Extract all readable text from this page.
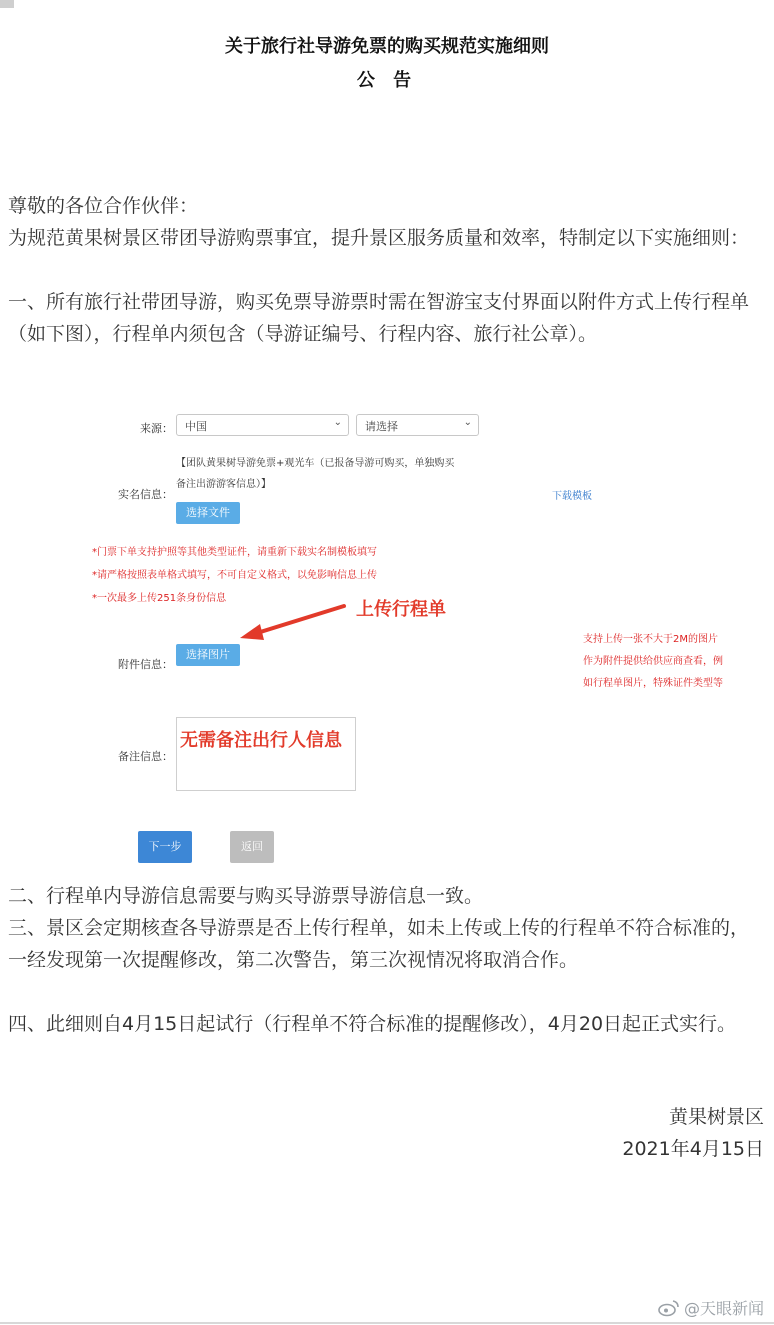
关于旅行社导游免票的购买规范实施细则
公 告

尊敬的各位合作伙伴：

为规范黄果树景区带团导游购票事宜，提升景区服务质量和效率，特制定以下实施细则：

一、所有旅行社带团导游，购买免票导游票时需在智游宝支付界面以附件方式上传行程单（如下图），行程单内须包含（导游证编号、行程内容、旅行社公章）。

来源：	中国	⌄	请选择	⌄
【团队黄果树导游免票+观光车（已报备导游可购买，单独购买
备注出游游客信息）】
实名信息：	下载模板
选择文件
*门票下单支持护照等其他类型证件，请重新下载实名制模板填写
*请严格按照表单格式填写，不可自定义格式，以免影响信息上传
*一次最多上传251条身份信息
上传行程单
附件信息：
选择图片
支持上传一张不大于2M的图片
作为附件提供给供应商查看，例
如行程单图片，特殊证件类型等
备注信息：
无需备注出行人信息
下一步	返回

二、行程单内导游信息需要与购买导游票导游信息一致。

三、景区会定期核查各导游票是否上传行程单，如未上传或上传的行程单不符合标准的，一经发现第一次提醒修改，第二次警告，第三次视情况将取消合作。

四、此细则自4月15日起试行（行程单不符合标准的提醒修改），4月20日起正式实行。

黄果树景区
2021年4月15日
@天眼新闻
